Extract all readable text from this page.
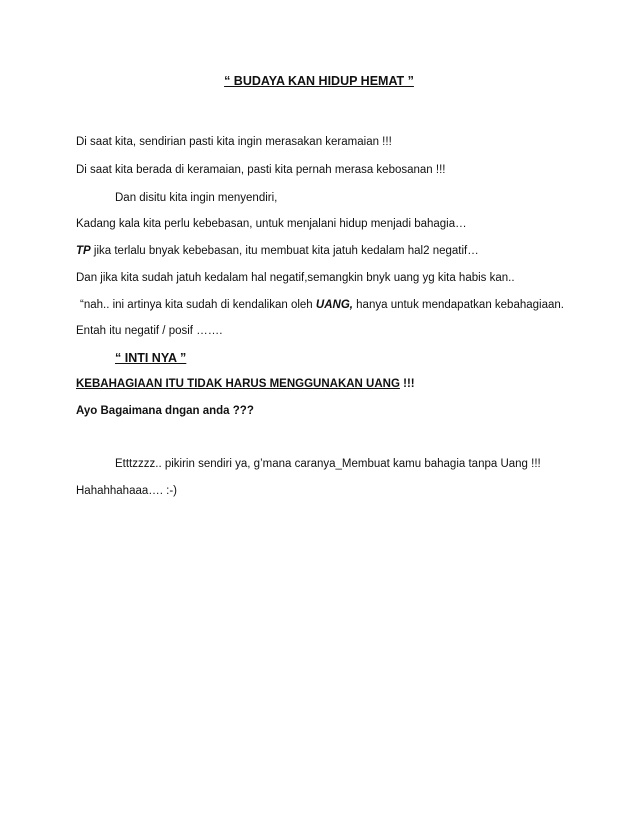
“ BUDAYA KAN HIDUP HEMAT ”
Di saat kita, sendirian pasti kita ingin merasakan keramaian !!!
Di saat kita berada di keramaian, pasti kita pernah merasa kebosanan !!!
Dan disitu kita ingin menyendiri,
Kadang kala kita perlu kebebasan, untuk menjalani hidup menjadi bahagia…
TP jika terlalu bnyak kebebasan, itu membuat kita jatuh kedalam hal2 negatif…
Dan jika kita sudah jatuh kedalam hal negatif,semangkin bnyk uang yg kita habis kan..
“nah.. ini artinya kita sudah di kendalikan oleh UANG, hanya untuk mendapatkan kebahagiaan.
Entah itu negatif / posif …….
“ INTI NYA ”
KEBAHAGIAAN ITU TIDAK HARUS MENGGUNAKAN UANG !!!
Ayo Bagaimana dngan anda ???
Etttzzzz.. pikirin sendiri ya, g’mana caranya_Membuat kamu bahagia tanpa Uang !!!
Hahahhahaaa…. :-)
